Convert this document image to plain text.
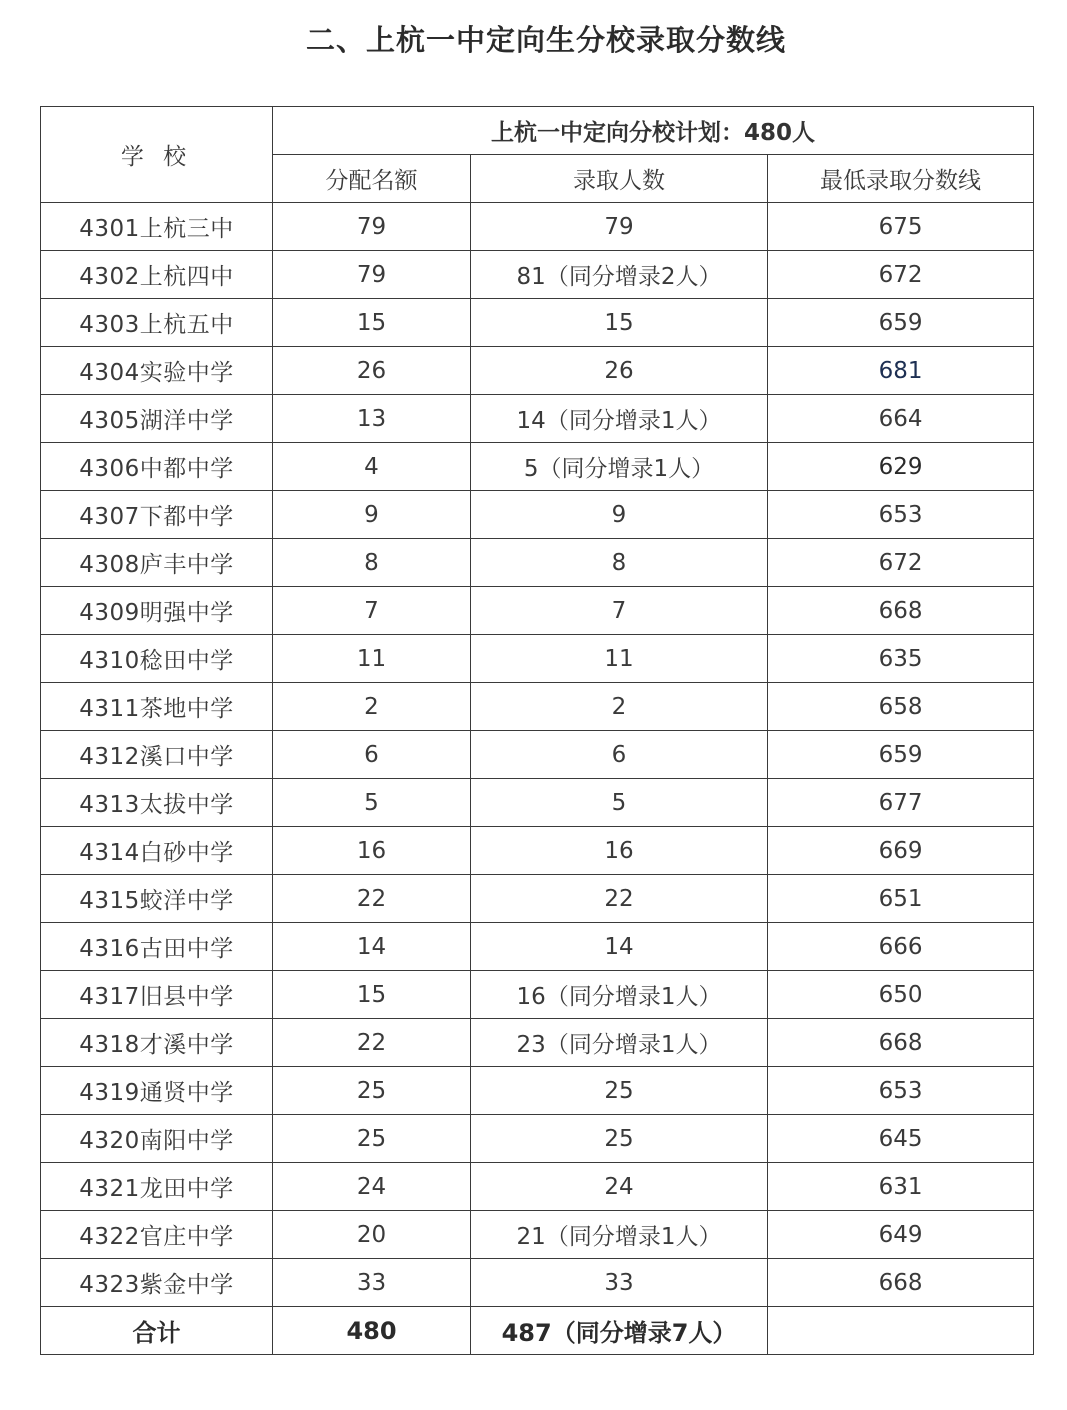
二、上杭一中定向生分校录取分数线
学 校	上杭一中定向分校计划：480人		
	分配名额	录取人数	最低录取分数线
4301上杭三中	79	79	675
4302上杭四中	79	81（同分增录2人）	672
4303上杭五中	15	15	659
4304实验中学	26	26	681
4305湖洋中学	13	14（同分增录1人）	664
4306中都中学	4	5（同分增录1人）	629
4307下都中学	9	9	653
4308庐丰中学	8	8	672
4309明强中学	7	7	668
4310稔田中学	11	11	635
4311茶地中学	2	2	658
4312溪口中学	6	6	659
4313太拔中学	5	5	677
4314白砂中学	16	16	669
4315蛟洋中学	22	22	651
4316古田中学	14	14	666
4317旧县中学	15	16（同分增录1人）	650
4318才溪中学	22	23（同分增录1人）	668
4319通贤中学	25	25	653
4320南阳中学	25	25	645
4321龙田中学	24	24	631
4322官庄中学	20	21（同分增录1人）	649
4323紫金中学	33	33	668
合计	480	487（同分增录7人）	
